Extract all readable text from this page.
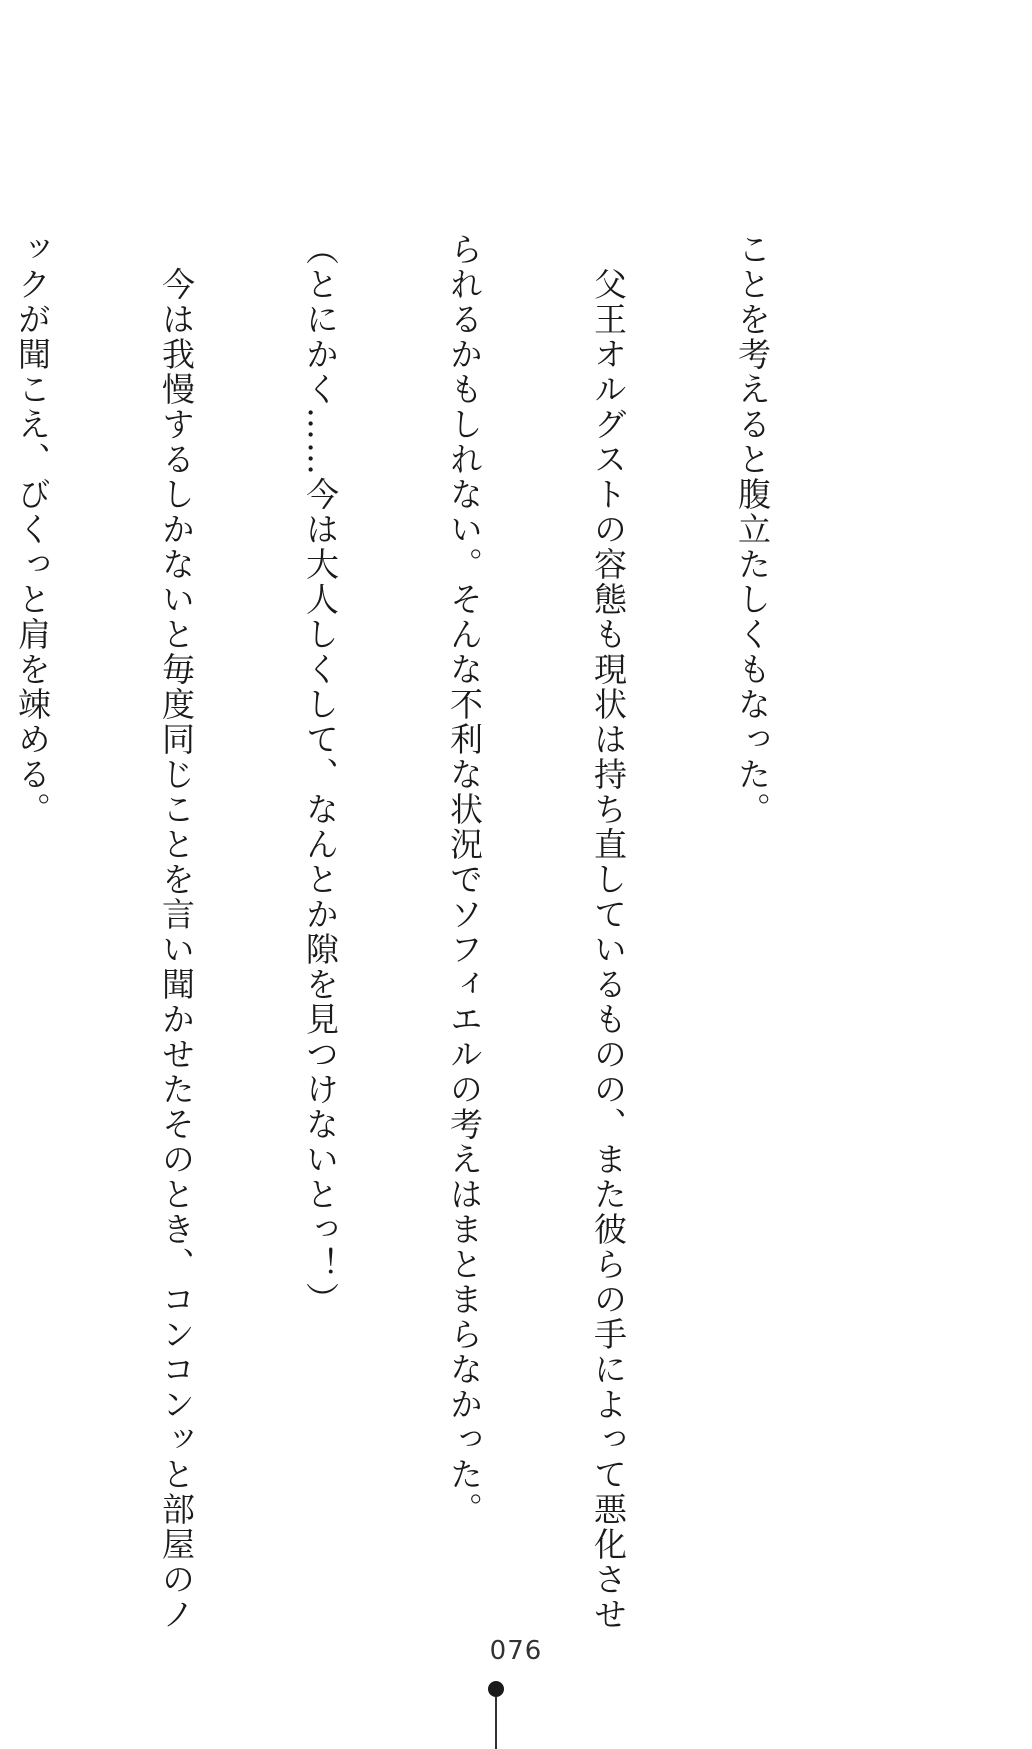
ことを考えると腹立たしくもなった。

　父王オルグストの容態も現状は持ち直しているものの、また彼らの手によって悪化させ

られるかもしれない。そんな不利な状況でソフィエルの考えはまとまらなかった。

（とにかく……今は大人しくして、なんとか隙を見つけないとっ！）

　今は我慢するしかないと毎度同じことを言い聞かせたそのとき、コンコンッと部屋のノ

ックが聞こえ、びくっと肩を竦める。

076
